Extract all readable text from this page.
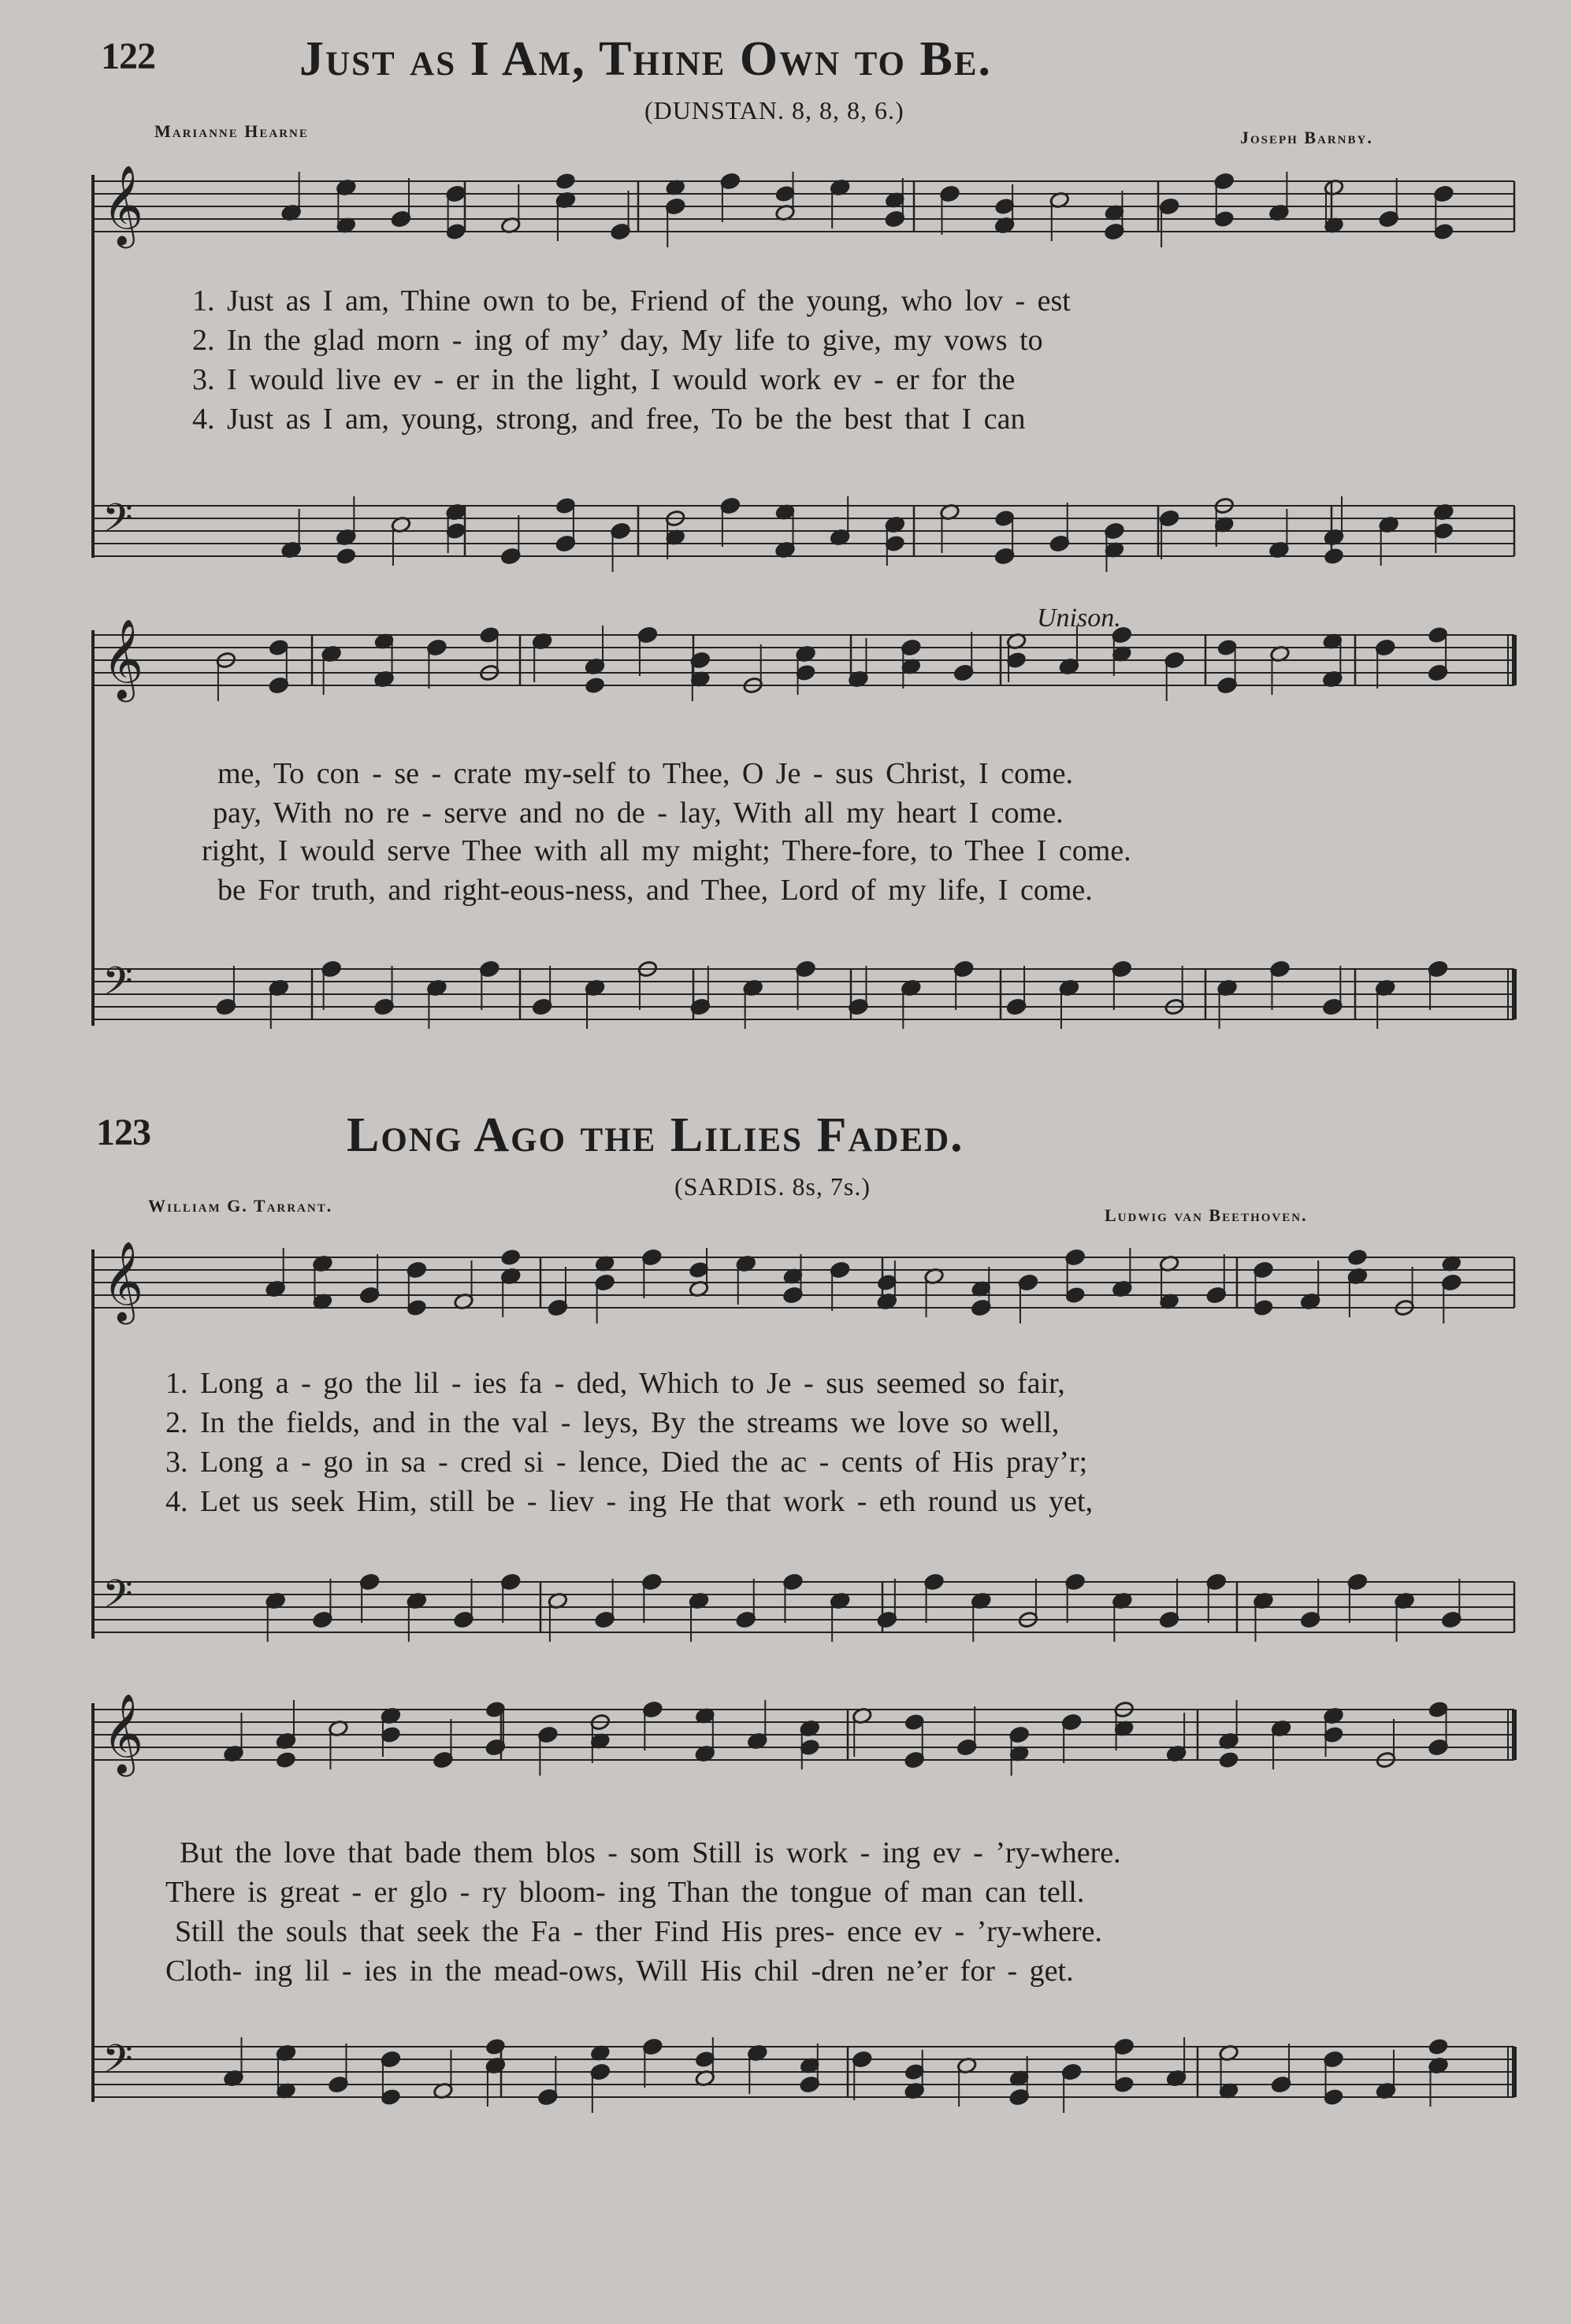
122	Just as I Am, Thine Own to Be.
(DUNSTAN. 8, 8, 8, 6.)
Marianne Hearne	Joseph Barnby.
𝄞
𝄢
𝄞
𝄢
𝄞
𝄢
𝄞
𝄢
1. Just as I am, Thine own to be, Friend of the young, who lov - est
2. In the glad morn - ing of my’ day, My life to give, my vows to
3. I would live ev - er in the light, I would work ev - er for the
4. Just as I am, young, strong, and free, To be the best that I can
Unison.
me, To con - se - crate my-self to Thee, O Je - sus Christ, I come.
pay, With no re - serve and no de - lay, With all my heart I come.
right, I would serve Thee with all my might; There-fore, to Thee I come.
be For truth, and right-eous-ness, and Thee, Lord of my life, I come.
123	Long Ago the Lilies Faded.
(SARDIS. 8s, 7s.)
William G. Tarrant.	Ludwig van Beethoven.
1. Long a - go the lil - ies fa - ded, Which to Je - sus seemed so fair,
2. In the fields, and in the val - leys, By the streams we love so well,
3. Long a - go in sa - cred si - lence, Died the ac - cents of His pray’r;
4. Let us seek Him, still be - liev - ing He that work - eth round us yet,
But the love that bade them blos - som Still is work - ing ev - ’ry-where.
There is great - er glo - ry bloom- ing Than the tongue of man can tell.
Still the souls that seek the Fa - ther Find His pres- ence ev - ’ry-where.
Cloth- ing lil - ies in the mead-ows, Will His chil -dren ne’er for - get.
